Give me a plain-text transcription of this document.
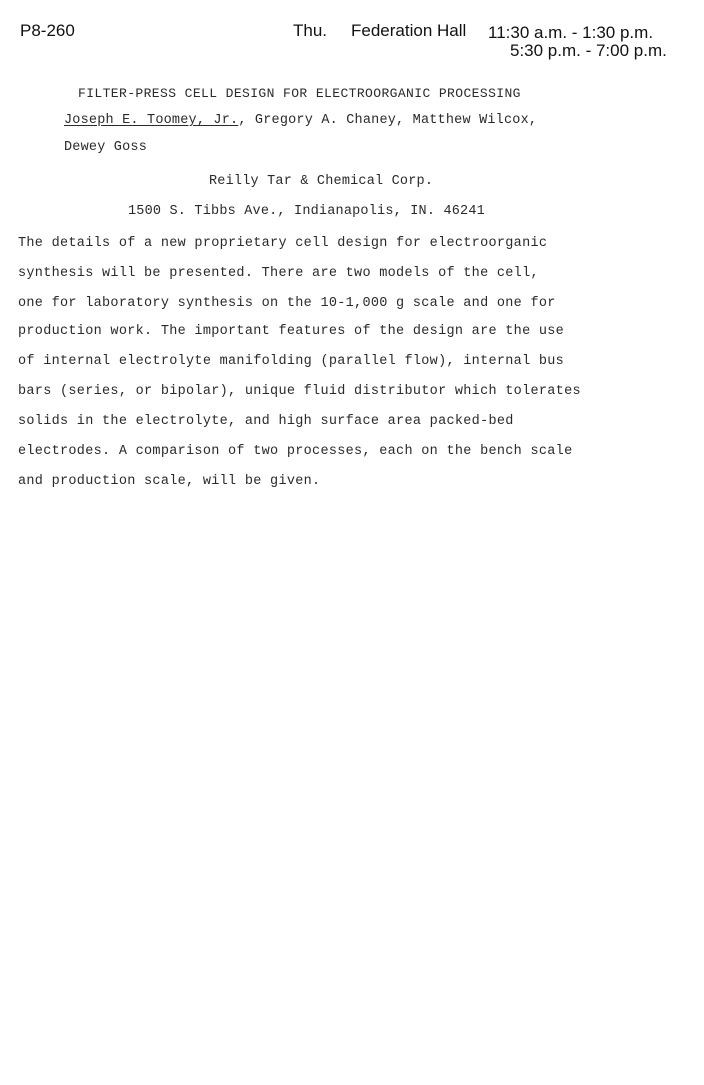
P8-260	Thu. Federation Hall 11:30 a.m. - 1:30 p.m.
5:30 p.m. - 7:00 p.m.
FILTER-PRESS CELL DESIGN FOR ELECTROORGANIC PROCESSING
Joseph E. Toomey, Jr., Gregory A. Chaney, Matthew Wilcox,
Dewey Goss
Reilly Tar & Chemical Corp.
1500 S. Tibbs Ave., Indianapolis, IN. 46241
The details of a new proprietary cell design for electroorganic
synthesis will be presented. There are two models of the cell,
one for laboratory synthesis on the 10-1,000 g scale and one for
production work. The important features of the design are the use
of internal electrolyte manifolding (parallel flow), internal bus
bars (series, or bipolar), unique fluid distributor which tolerates
solids in the electrolyte, and high surface area packed-bed
electrodes. A comparison of two processes, each on the bench scale
and production scale, will be given.
